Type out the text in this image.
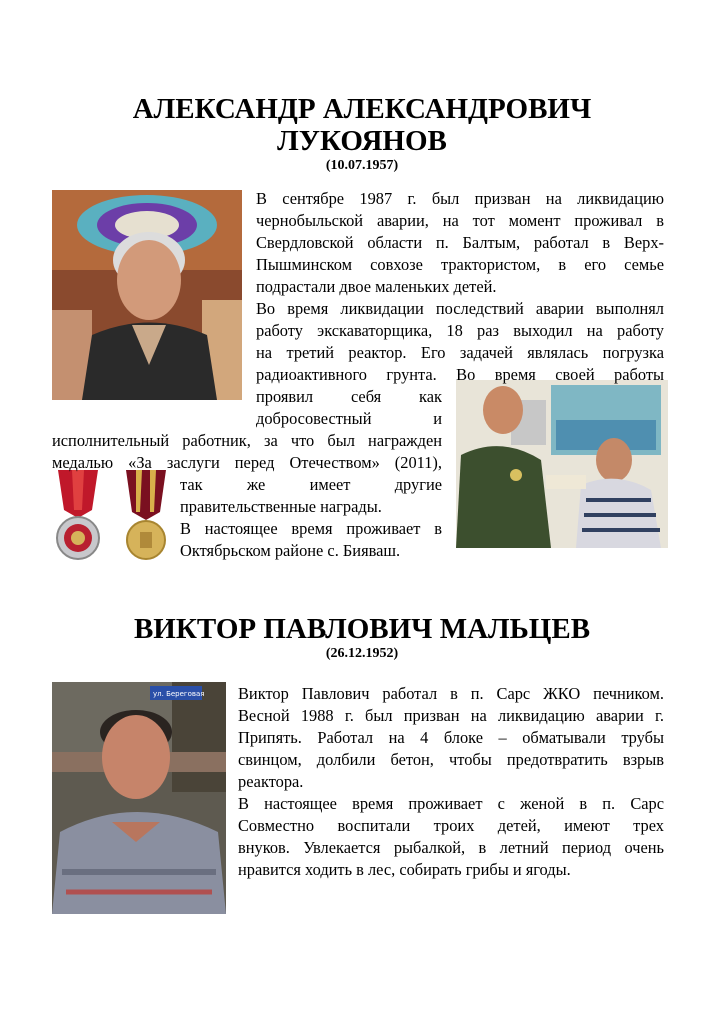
АЛЕКСАНДР АЛЕКСАНДРОВИЧ
ЛУКОЯНОВ

(10.07.1957)

В сентябре 1987 г. был призван на ликвидацию
чернобыльской аварии, на тот момент проживал в
Свердловской области п. Балтым, работал в Верх-
Пышминском совхозе трактористом, в его семье
подрастали двое маленьких детей.
Во время ликвидации последствий аварии выполнял
работу экскаваторщика, 18 раз выходил на работу
на третий реактор. Его задачей являлась погрузка
радиоактивного грунта. Во время своей работы
проявил себя как
добросовестный и
исполнительный работник, за что был награжден
медалью «За заслуги перед Отечеством» (2011),
так же имеет другие
правительственные награды.
В настоящее время проживает в
Октябрьском районе с. Бияваш.
ВИКТОР ПАВЛОВИЧ МАЛЬЦЕВ

(26.12.1952)

ул. Береговая Виктор Павлович работал в п. Сарс ЖКО печником.
Весной 1988 г. был призван на ликвидацию аварии г.
Припять. Работал на 4 блоке – обматывали трубы
свинцом, долбили бетон, чтобы предотвратить взрыв
реактора.
В настоящее время проживает с женой в п. Сарс
Совместно воспитали троих детей, имеют трех
внуков. Увлекается рыбалкой, в летний период очень
нравится ходить в лес, собирать грибы и ягоды.
